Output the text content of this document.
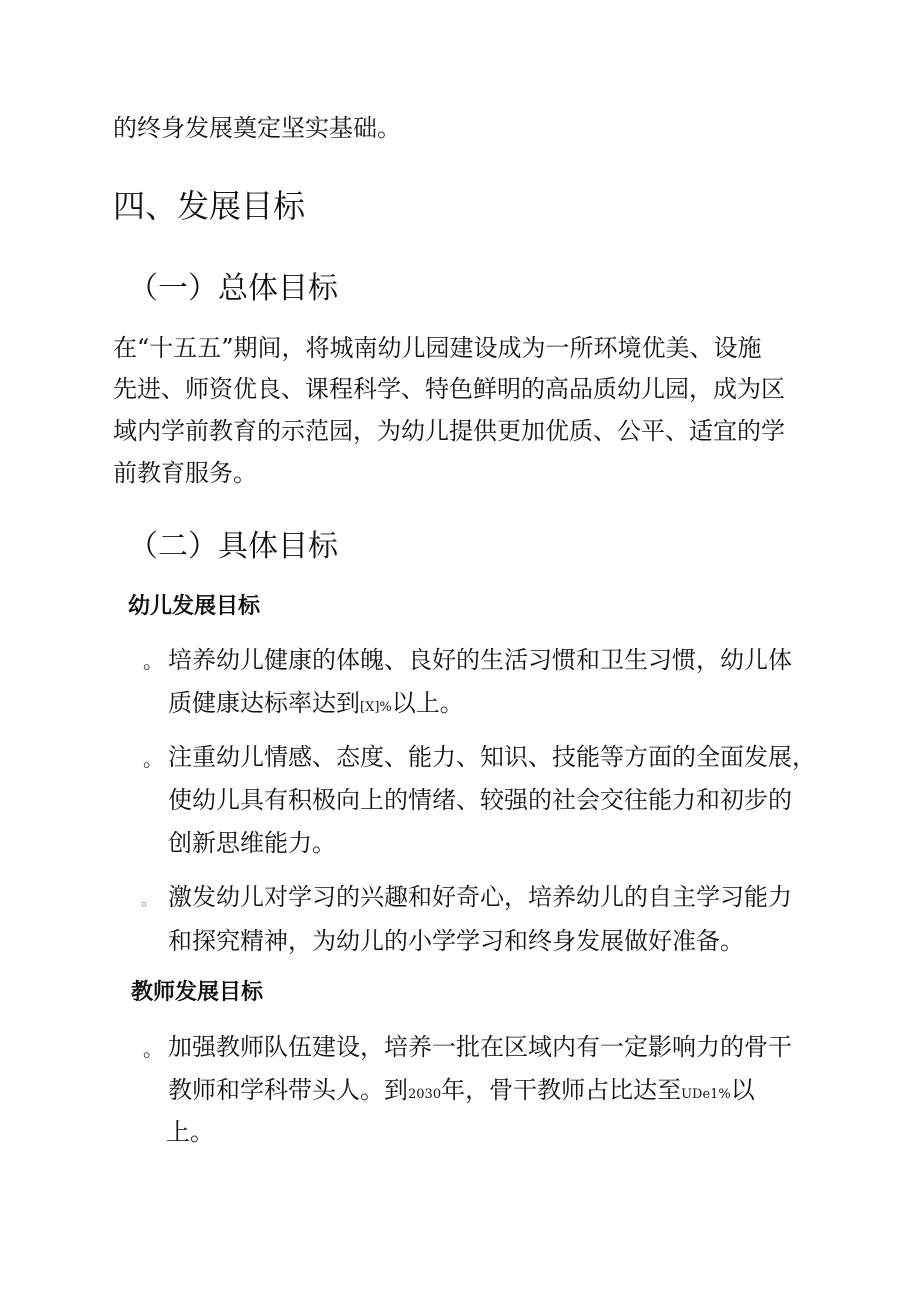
的终身发展奠定坚实基础。
四、发展目标
（一）总体目标
在“十五五”期间，将城南幼儿园建设成为一所环境优美、设施
先进、师资优良、课程科学、特色鲜明的高品质幼儿园，成为区
域内学前教育的示范园，为幼儿提供更加优质、公平、适宜的学
前教育服务。
（二）具体目标
幼儿发展目标
。 培养幼儿健康的体魄、良好的生活习惯和卫生习惯，幼儿体
质健康达标率达到[X]%以上。
。 注重幼儿情感、态度、能力、知识、技能等方面的全面发展，
使幼儿具有积极向上的情绪、较强的社会交往能力和初步的
创新思维能力。
。 激发幼儿对学习的兴趣和好奇心，培养幼儿的自主学习能力
和探究精神，为幼儿的小学学习和终身发展做好准备。
教师发展目标
。 加强教师队伍建设，培养一批在区域内有一定影响力的骨干
教师和学科带头人。到2030年，骨干教师占比达至UDe1%以
上。
